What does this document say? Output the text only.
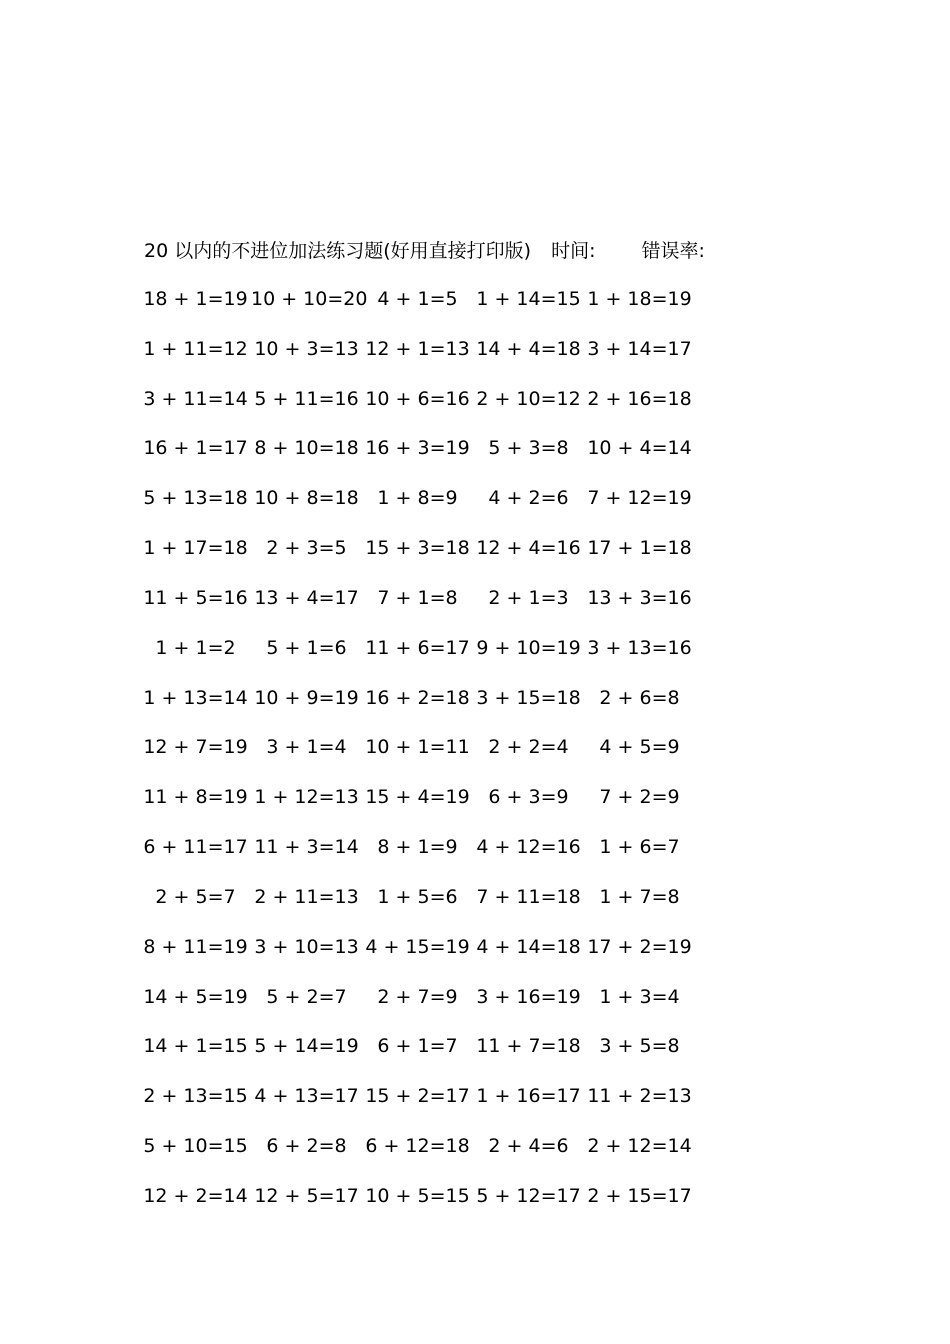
20 以内的不进位加法练习题(好用直接打印版) 时间: 错误率:
18 + 1=19 10 + 10=20 4 + 1=5 1 + 14=15 1 + 18=19
1 + 11=12 10 + 3=13 12 + 1=13 14 + 4=18 3 + 14=17
3 + 11=14 5 + 11=16 10 + 6=16 2 + 10=12 2 + 16=18
16 + 1=17 8 + 10=18 16 + 3=19 5 + 3=8 10 + 4=14
5 + 13=18 10 + 8=18 1 + 8=9	4 + 2=6 7 + 12=19
1 + 17=18 2 + 3=5 15 + 3=18 12 + 4=16 17 + 1=18
11 + 5=16 13 + 4=17 7 + 1=8	2 + 1=3 13 + 3=16
1 + 1=2	5 + 1=6 11 + 6=17 9 + 10=19 3 + 13=16
1 + 13=14 10 + 9=19 16 + 2=18 3 + 15=18 2 + 6=8
12 + 7=19 3 + 1=4 10 + 1=11 2 + 2=4	4 + 5=9
11 + 8=19 1 + 12=13 15 + 4=19 6 + 3=9	7 + 2=9
6 + 11=17 11 + 3=14 8 + 1=9 4 + 12=16 1 + 6=7
2 + 5=7 2 + 11=13 1 + 5=6 7 + 11=18 1 + 7=8
8 + 11=19 3 + 10=13 4 + 15=19 4 + 14=18 17 + 2=19
14 + 5=19 5 + 2=7	2 + 7=9 3 + 16=19 1 + 3=4
14 + 1=15 5 + 14=19 6 + 1=7 11 + 7=18 3 + 5=8
2 + 13=15 4 + 13=17 15 + 2=17 1 + 16=17 11 + 2=13
5 + 10=15 6 + 2=8 6 + 12=18 2 + 4=6 2 + 12=14
12 + 2=14 12 + 5=17 10 + 5=15 5 + 12=17 2 + 15=17
